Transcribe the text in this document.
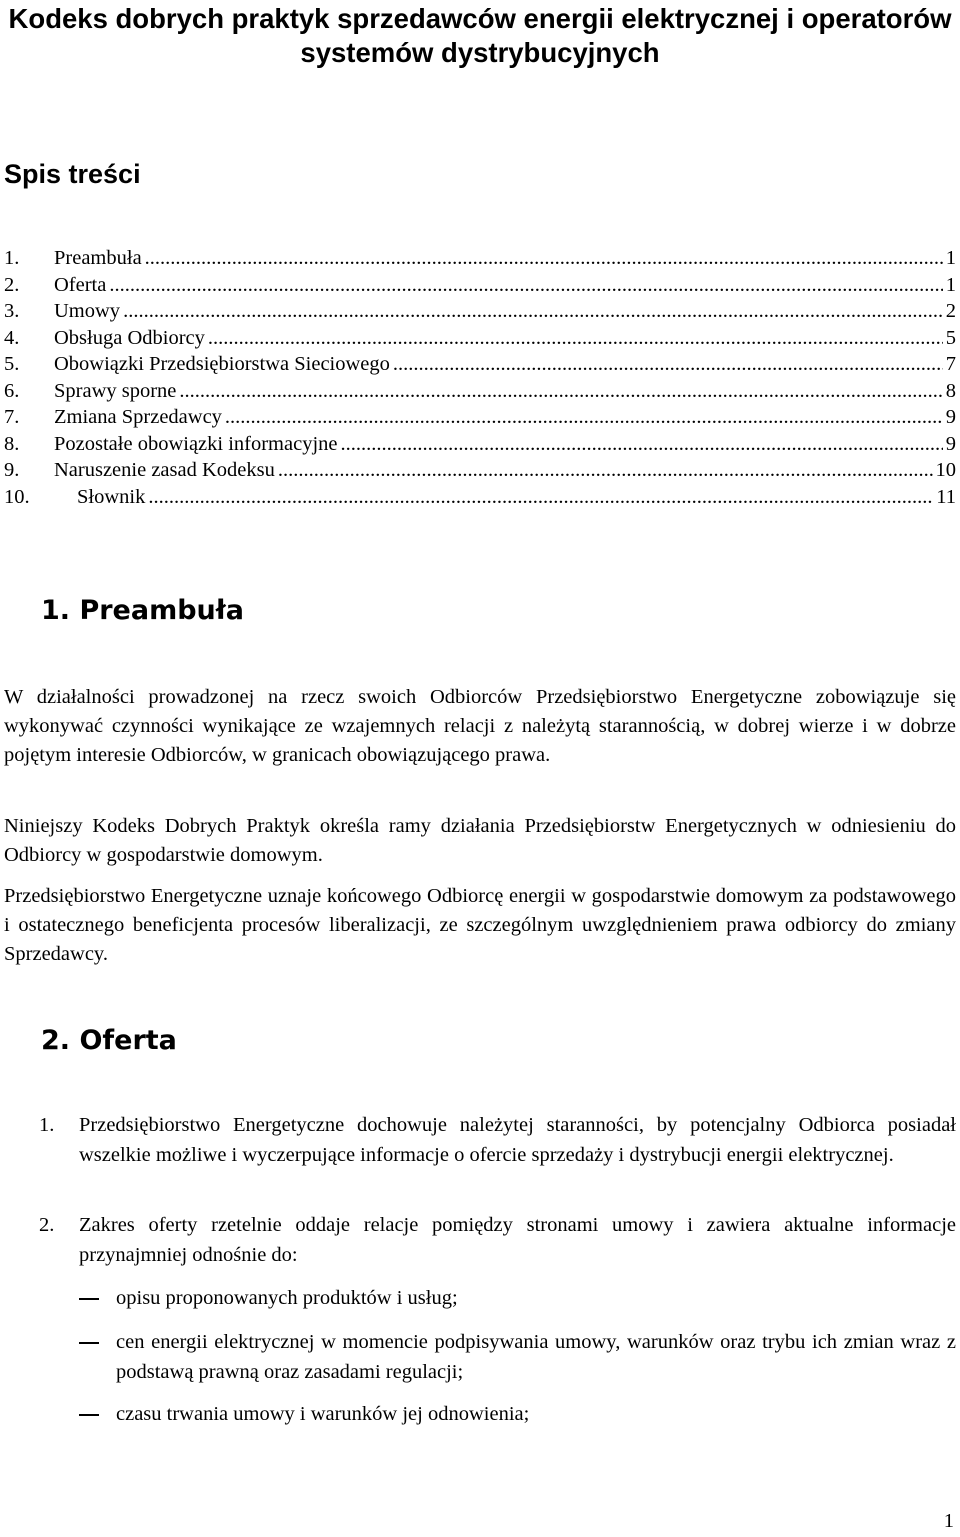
Kodeks dobrych praktyk sprzedawców energii elektrycznej i operatorów systemów dystrybucyjnych
Spis treści
1.	Preambuła .....	1
2.	Oferta .....	1
3.	Umowy .....	2
4.	Obsługa Odbiorcy .....	5
5.	Obowiązki Przedsiębiorstwa Sieciowego .....	7
6.	Sprawy sporne .....	8
7.	Zmiana Sprzedawcy .....	9
8.	Pozostałe obowiązki informacyjne .....	9
9.	Naruszenie zasad Kodeksu .....	10
10.	Słownik .....	11
1. Preambuła

W działalności prowadzonej na rzecz swoich Odbiorców Przedsiębiorstwo Energetyczne zobowiązuje się wykonywać czynności wynikające ze wzajemnych relacji z należytą starannością, w dobrej wierze i w dobrze pojętym interesie Odbiorców, w granicach obowiązującego prawa.

Niniejszy Kodeks Dobrych Praktyk określa ramy działania Przedsiębiorstw Energetycznych w odniesieniu do Odbiorcy w gospodarstwie domowym.

Przedsiębiorstwo Energetyczne uznaje końcowego Odbiorcę energii w gospodarstwie domowym za podstawowego i ostatecznego beneficjenta procesów liberalizacji, ze szczególnym uwzględnieniem prawa odbiorcy do zmiany Sprzedawcy.

2. Oferta
1.	Przedsiębiorstwo Energetyczne dochowuje należytej staranności, by potencjalny Odbiorca posiadał wszelkie możliwe i wyczerpujące informacje o ofercie sprzedaży i dystrybucji energii elektrycznej.
2.	Zakres oferty rzetelnie oddaje relacje pomiędzy stronami umowy i zawiera aktualne informacje przynajmniej odnośnie do:
opisu proponowanych produktów i usług;
cen energii elektrycznej w momencie podpisywania umowy, warunków oraz trybu ich zmian wraz z podstawą prawną oraz zasadami regulacji;
czasu trwania umowy i warunków jej odnowienia;
1
